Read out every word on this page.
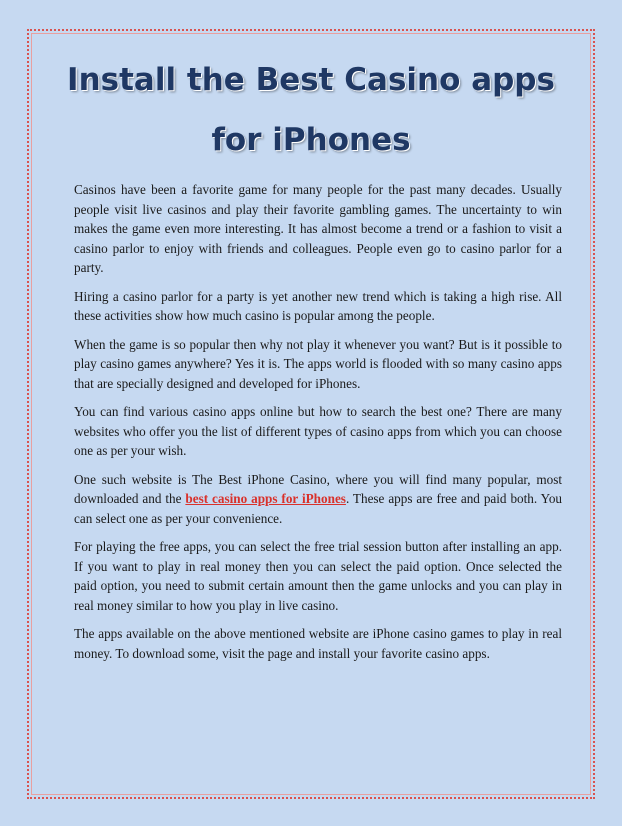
Install the Best Casino apps
for iPhones

Casinos have been a favorite game for many people for the past many decades. Usually people visit live casinos and play their favorite gambling games. The uncertainty to win makes the game even more interesting. It has almost become a trend or a fashion to visit a casino parlor to enjoy with friends and colleagues. People even go to casino parlor for a party.

Hiring a casino parlor for a party is yet another new trend which is taking a high rise. All these activities show how much casino is popular among the people.

When the game is so popular then why not play it whenever you want? But is it possible to play casino games anywhere? Yes it is. The apps world is flooded with so many casino apps that are specially designed and developed for iPhones.

You can find various casino apps online but how to search the best one? There are many websites who offer you the list of different types of casino apps from which you can choose one as per your wish.

One such website is The Best iPhone Casino, where you will find many popular, most downloaded and the best casino apps for iPhones. These apps are free and paid both. You can select one as per your convenience.

For playing the free apps, you can select the free trial session button after installing an app. If you want to play in real money then you can select the paid option. Once selected the paid option, you need to submit certain amount then the game unlocks and you can play in real money similar to how you play in live casino.

The apps available on the above mentioned website are iPhone casino games to play in real money. To download some, visit the page and install your favorite casino apps.
